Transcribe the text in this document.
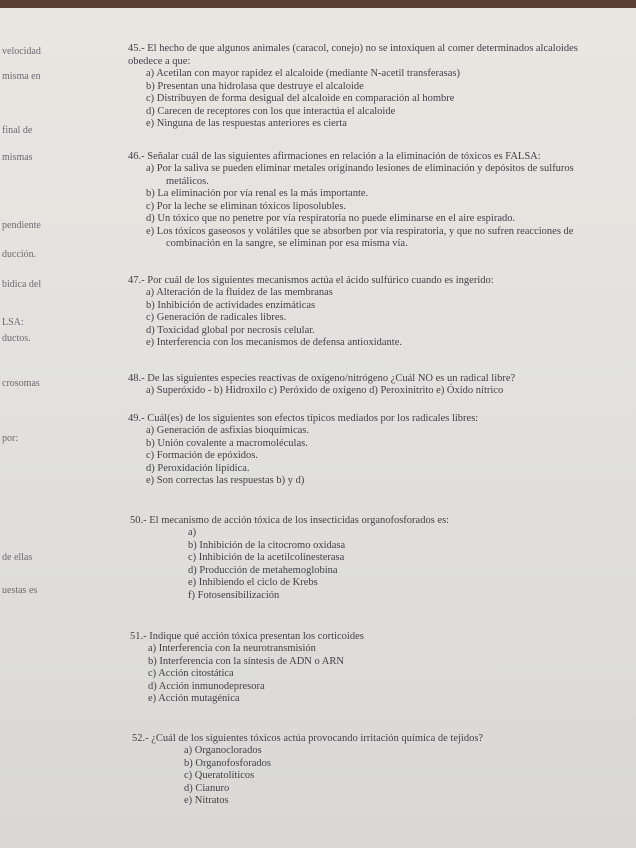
velocidad
misma en
final de
mismas
pendiente
ducción.
bidica del
LSA:
ductos.
crosomas
por:
de ellas
uestas es
45.- El hecho de que algunos animales (caracol, conejo) no se intoxiquen al comer determinados alcaloides
obedece a que:
a) Acetilan con mayor rapidez el alcaloide (mediante N-acetil transferasas)
b) Presentan una hidrolasa que destruye el alcaloide
c) Distribuyen de forma desigual del alcaloide en comparación al hombre
d) Carecen de receptores con los que interactúa el alcaloide
e) Ninguna de las respuestas anteriores es cierta
46.- Señalar cuál de las siguientes afirmaciones en relación a la eliminación de tóxicos es FALSA:
a) Por la saliva se pueden eliminar metales originando lesiones de eliminación y depósitos de sulfuros
metálicos.
b) La eliminación por vía renal es la más importante.
c) Por la leche se eliminan tóxicos liposolubles.
d) Un tóxico que no penetre por vía respiratoria no puede eliminarse en el aire espirado.
e) Los tóxicos gaseosos y volátiles que se absorben por vía respiratoria, y que no sufren reacciones de
combinación en la sangre, se eliminan por esa misma vía.
47.- Por cuál de los siguientes mecanismos actúa el ácido sulfúrico cuando es ingerido:
a) Alteración de la fluidez de las membranas
b) Inhibición de actividades enzimáticas
c) Generación de radicales libres.
d) Toxicidad global por necrosis celular.
e) Interferencia con los mecanismos de defensa antioxidante.
48.- De las siguientes especies reactivas de oxígeno/nitrógeno ¿Cuál NO es un radical libre?
a) Superóxido - b) Hidroxilo c) Peróxido de oxígeno d) Peroxinitrito e) Óxido nítrico
49.- Cuál(es) de los siguientes son efectos típicos mediados por los radicales libres:
a) Generación de asfixias bioquímicas.
b) Unión covalente a macromoléculas.
c) Formación de epóxidos.
d) Peroxidación lipídica.
e) Son correctas las respuestas b) y d)
50.- El mecanismo de acción tóxica de los insecticidas organofosforados es:
a)
b) Inhibición de la citocromo oxidasa
c) Inhibición de la acetilcolinesterasa
d) Producción de metahemoglobina
e) Inhibiendo el ciclo de Krebs
f) Fotosensibilización
51.- Indique qué acción tóxica presentan los corticoides
a) Interferencia con la neurotransmisión
b) Interferencia con la síntesis de ADN o ARN
c) Acción citostática
d) Acción inmunodepresora
e) Acción mutagénica
52.- ¿Cuál de los siguientes tóxicos actúa provocando irritación química de tejidos?
a) Organoclorados
b) Organofosforados
c) Queratolíticos
d) Cianuro
e) Nitratos
